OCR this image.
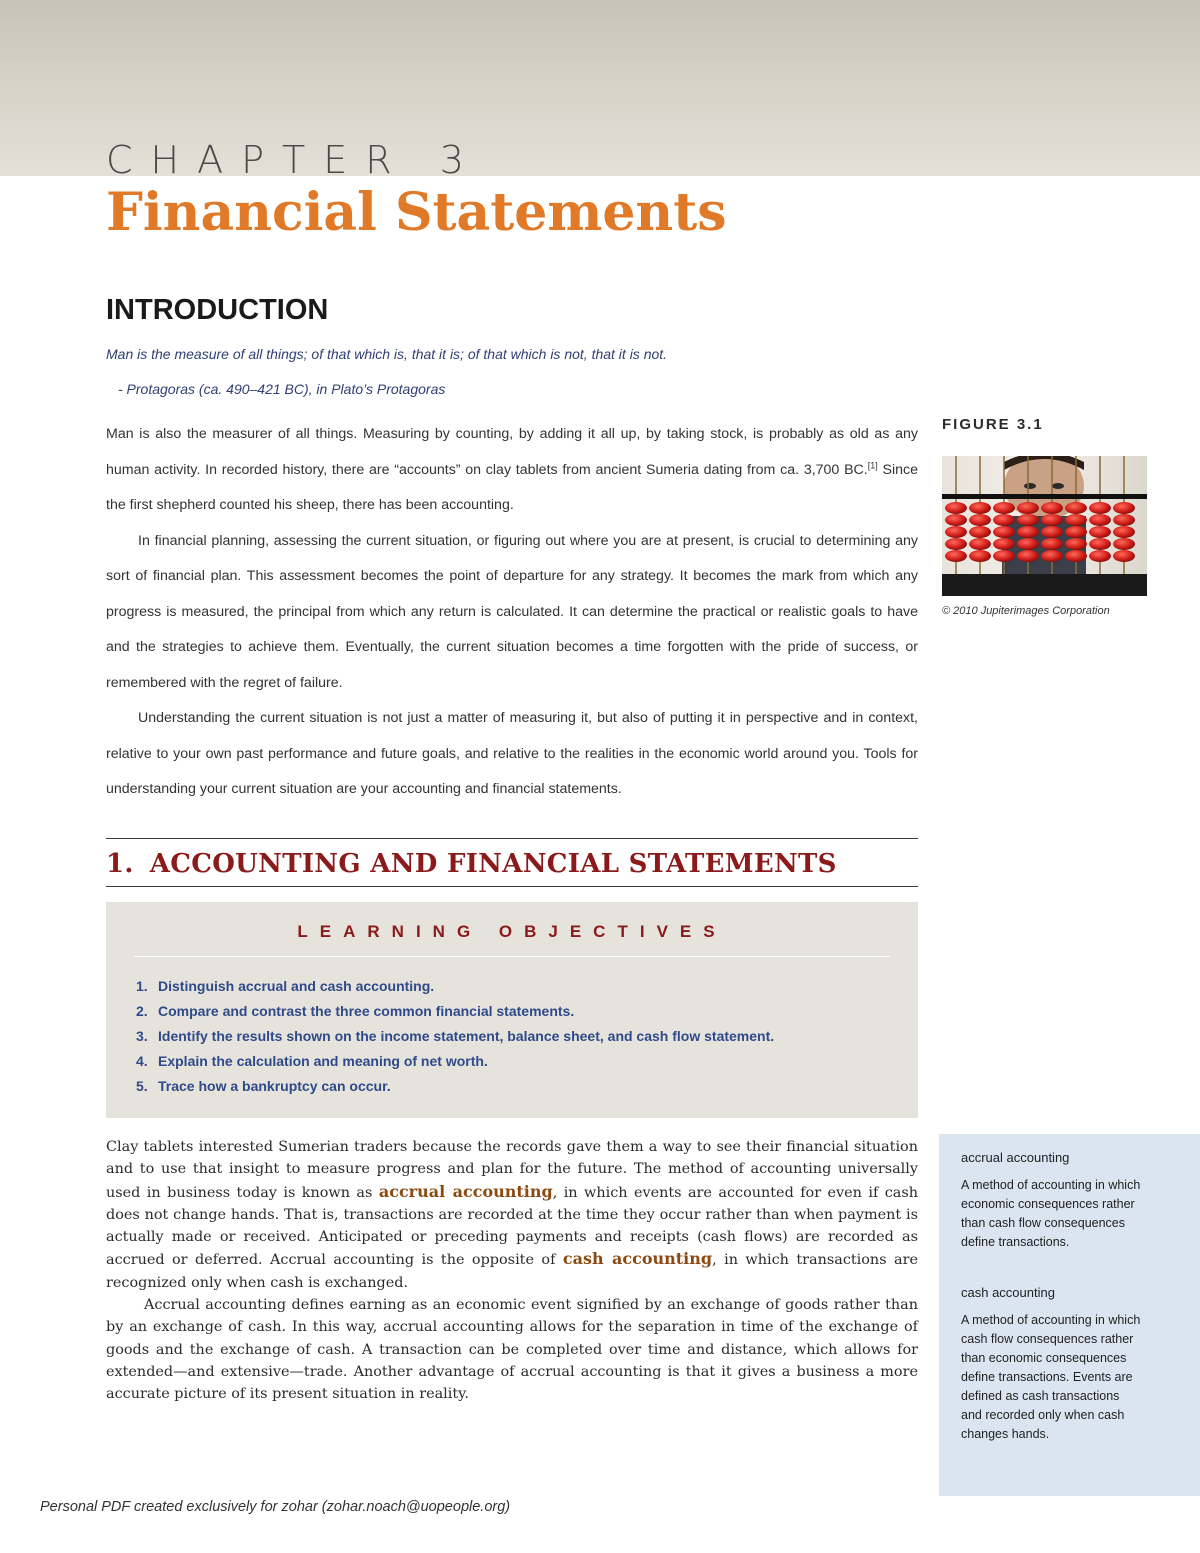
CHAPTER 3
Financial Statements
INTRODUCTION

Man is the measure of all things; of that which is, that it is; of that which is not, that it is not.

- Protagoras (ca. 490–421 BC), in Plato’s Protagoras

Man is also the measurer of all things. Measuring by counting, by adding it all up, by taking stock, is probably as old as any human activity. In recorded history, there are “accounts” on clay tablets from ancient Sumeria dating from ca. 3,700 BC.[1] Since the first shepherd counted his sheep, there has been accounting.

In financial planning, assessing the current situation, or figuring out where you are at present, is crucial to determining any sort of financial plan. This assessment becomes the point of departure for any strategy. It becomes the mark from which any progress is measured, the principal from which any return is calculated. It can determine the practical or realistic goals to have and the strategies to achieve them. Eventually, the current situation becomes a time forgotten with the pride of success, or remembered with the regret of failure.

Understanding the current situation is not just a matter of measuring it, but also of putting it in perspective and in context, relative to your own past performance and future goals, and relative to the realities in the economic world around you. Tools for understanding your current situation are your accounting and financial statements.

FIGURE 3.1

© 2010 Jupiterimages Corporation

1. ACCOUNTING AND FINANCIAL STATEMENTS

LEARNING OBJECTIVES

1. Distinguish accrual and cash accounting.
2. Compare and contrast the three common financial statements.
3. Identify the results shown on the income statement, balance sheet, and cash flow statement.
4. Explain the calculation and meaning of net worth.
5. Trace how a bankruptcy can occur.

Clay tablets interested Sumerian traders because the records gave them a way to see their financial situation and to use that insight to measure progress and plan for the future. The method of accounting universally used in business today is known as accrual accounting, in which events are accounted for even if cash does not change hands. That is, transactions are recorded at the time they occur rather than when payment is actually made or received. Anticipated or preceding payments and receipts (cash flows) are recorded as accrued or deferred. Accrual accounting is the opposite of cash accounting, in which transactions are recognized only when cash is exchanged.

Accrual accounting defines earning as an economic event signified by an exchange of goods rather than by an exchange of cash. In this way, accrual accounting allows for the separation in time of the exchange of goods and the exchange of cash. A transaction can be completed over time and distance, which allows for extended—and extensive—trade. Another advantage of accrual accounting is that it gives a business a more accurate picture of its present situation in reality.

accrual accounting

A method of accounting in which economic consequences rather than cash flow consequences define transactions.

cash accounting

A method of accounting in which cash flow consequences rather than economic consequences define transactions. Events are defined as cash transactions and recorded only when cash changes hands.

Personal PDF created exclusively for zohar (zohar.noach@uopeople.org)
